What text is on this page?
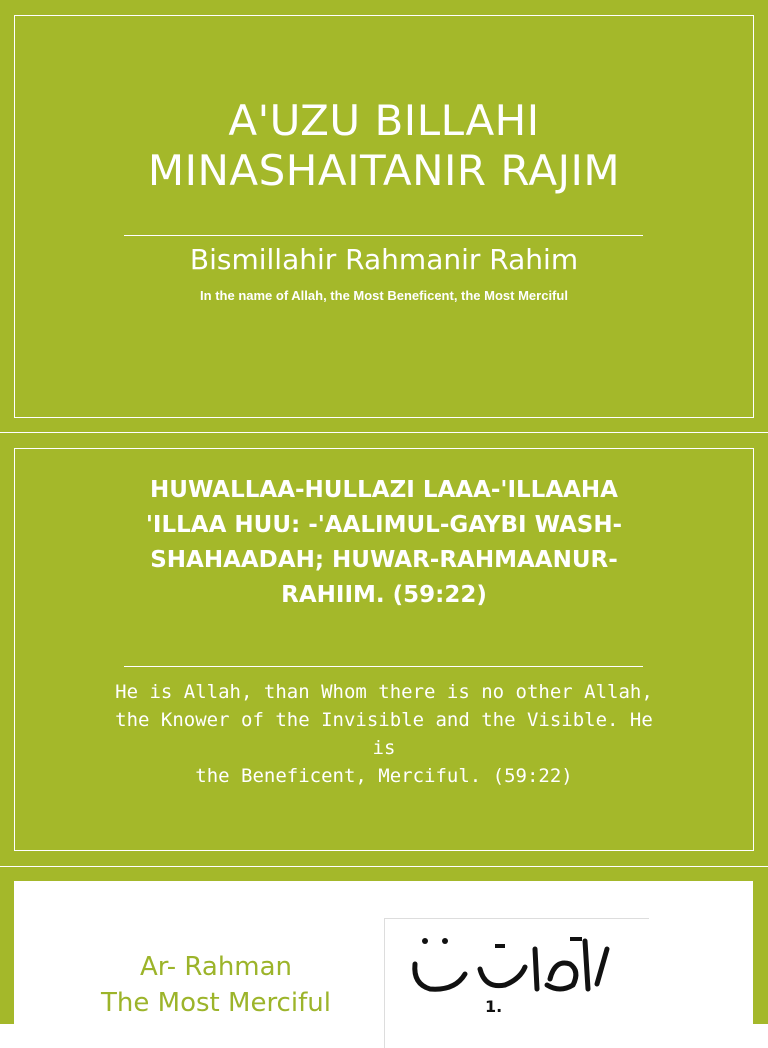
A'UZU BILLAHI
MINASHAITANIR RAJIM
Bismillahir Rahmanir Rahim
In the name of Allah, the Most Beneficent, the Most Merciful
HUWALLAA-HULLAZI LAAA-'ILLAAHA
'ILLAA HUU: -'AALIMUL-GAYBI WASH-
SHAHAADAH; HUWAR-RAHMAANUR-
RAHIIM. (59:22)
He is Allah, than Whom there is no other Allah,
the Knower of the Invisible and the Visible. He is
the Beneficent, Merciful. (59:22)
Ar- Rahman
The Most Merciful	1.
